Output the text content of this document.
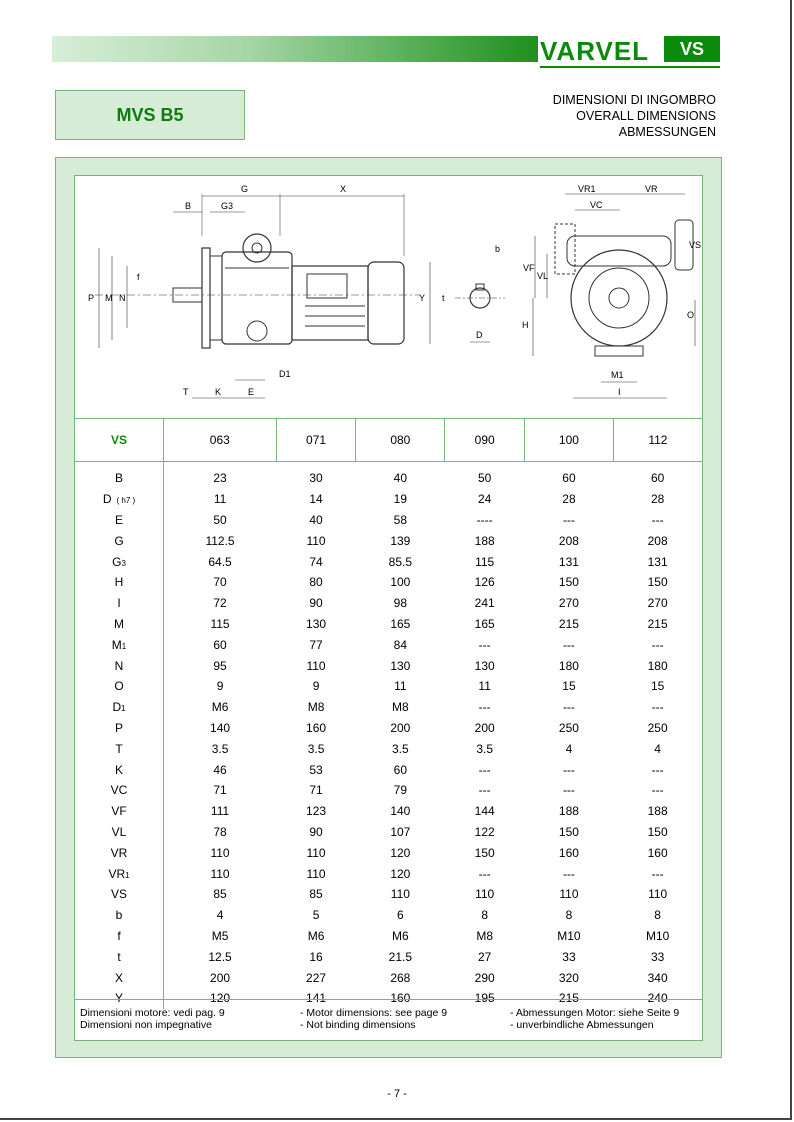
VARVEL	VS
MVS B5
DIMENSIONI DI INGOMBRO
OVERALL DIMENSIONS
ABMESSUNGEN
G	X
B	G3
P M N
f
Y
T	K	E
D1
b
t
D
VR1	VR
VC
VS
VF
VL
H
O
M1
I
VS	063	071	080	090	100	112
B	23	30	40	50	60	60
D ( h7 )	11	14	19	24	28	28
E	50	40	58	----	---	---
G	112.5	110	139	188	208	208
G3	64.5	74	85.5	115	131	131
H	70	80	100	126	150	150
I	72	90	98	241	270	270
M	115	130	165	165	215	215
M1	60	77	84	---	---	---
N	95	110	130	130	180	180
O	9	9	11	11	15	15
D1	M6	M8	M8	---	---	---
P	140	160	200	200	250	250
T	3.5	3.5	3.5	3.5	4	4
K	46	53	60	---	---	---
VC	71	71	79	---	---	---
VF	111	123	140	144	188	188
VL	78	90	107	122	150	150
VR	110	110	120	150	160	160
VR1	110	110	120	---	---	---
VS	85	85	110	110	110	110
b	4	5	6	8	8	8
f	M5	M6	M6	M8	M10	M10
t	12.5	16	21.5	27	33	33
X	200	227	268	290	320	340
Y	120	141	160	195	215	240
Dimensioni motore: vedi pag. 9
Dimensioni non impegnative
- Motor dimensions: see page 9
- Not binding dimensions
- Abmessungen Motor: siehe Seite 9
- unverbindliche Abmessungen
- 7 -
